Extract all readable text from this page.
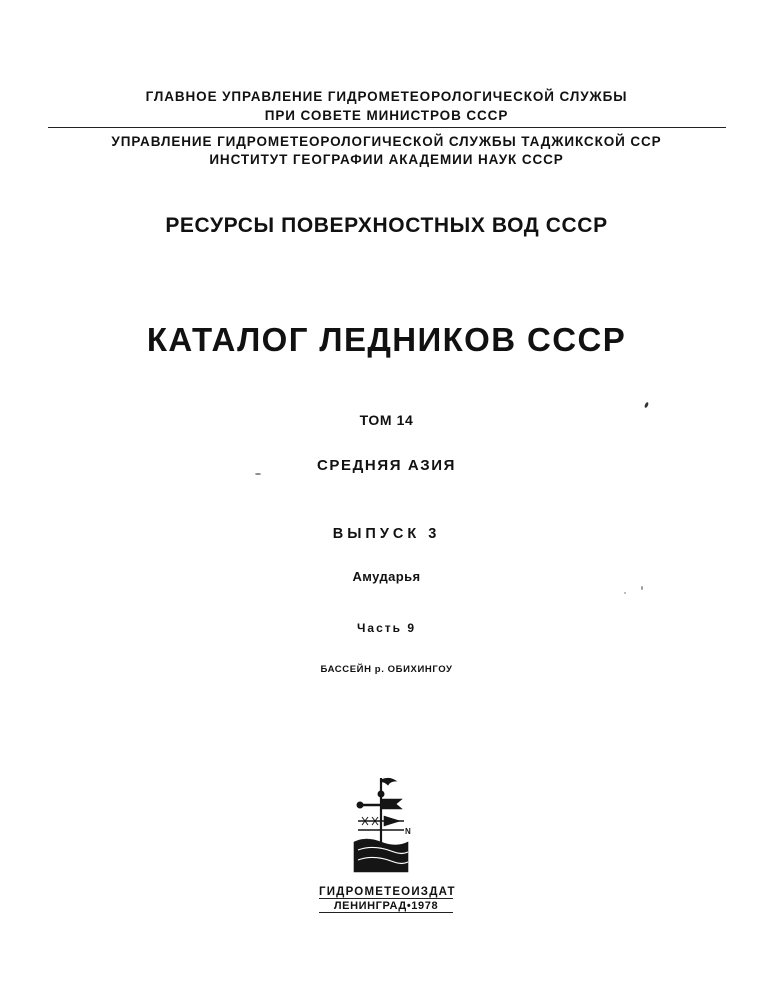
ГЛАВНОЕ УПРАВЛЕНИЕ ГИДРОМЕТЕОРОЛОГИЧЕСКОЙ СЛУЖБЫ
ПРИ СОВЕТЕ МИНИСТРОВ СССР
УПРАВЛЕНИЕ ГИДРОМЕТЕОРОЛОГИЧЕСКОЙ СЛУЖБЫ ТАДЖИКСКОЙ ССР
ИНСТИТУТ ГЕОГРАФИИ АКАДЕМИИ НАУК СССР
РЕСУРСЫ ПОВЕРХНОСТНЫХ ВОД СССР
КАТАЛОГ ЛЕДНИКОВ СССР
ТОМ 14
СРЕДНЯЯ АЗИЯ
ВЫПУСК 3
Амударья
Часть 9
БАССЕЙН р. ОБИХИНГОУ
N
ГИДРОМЕТЕОИЗДАТ
ЛЕНИНГРАД•1978
